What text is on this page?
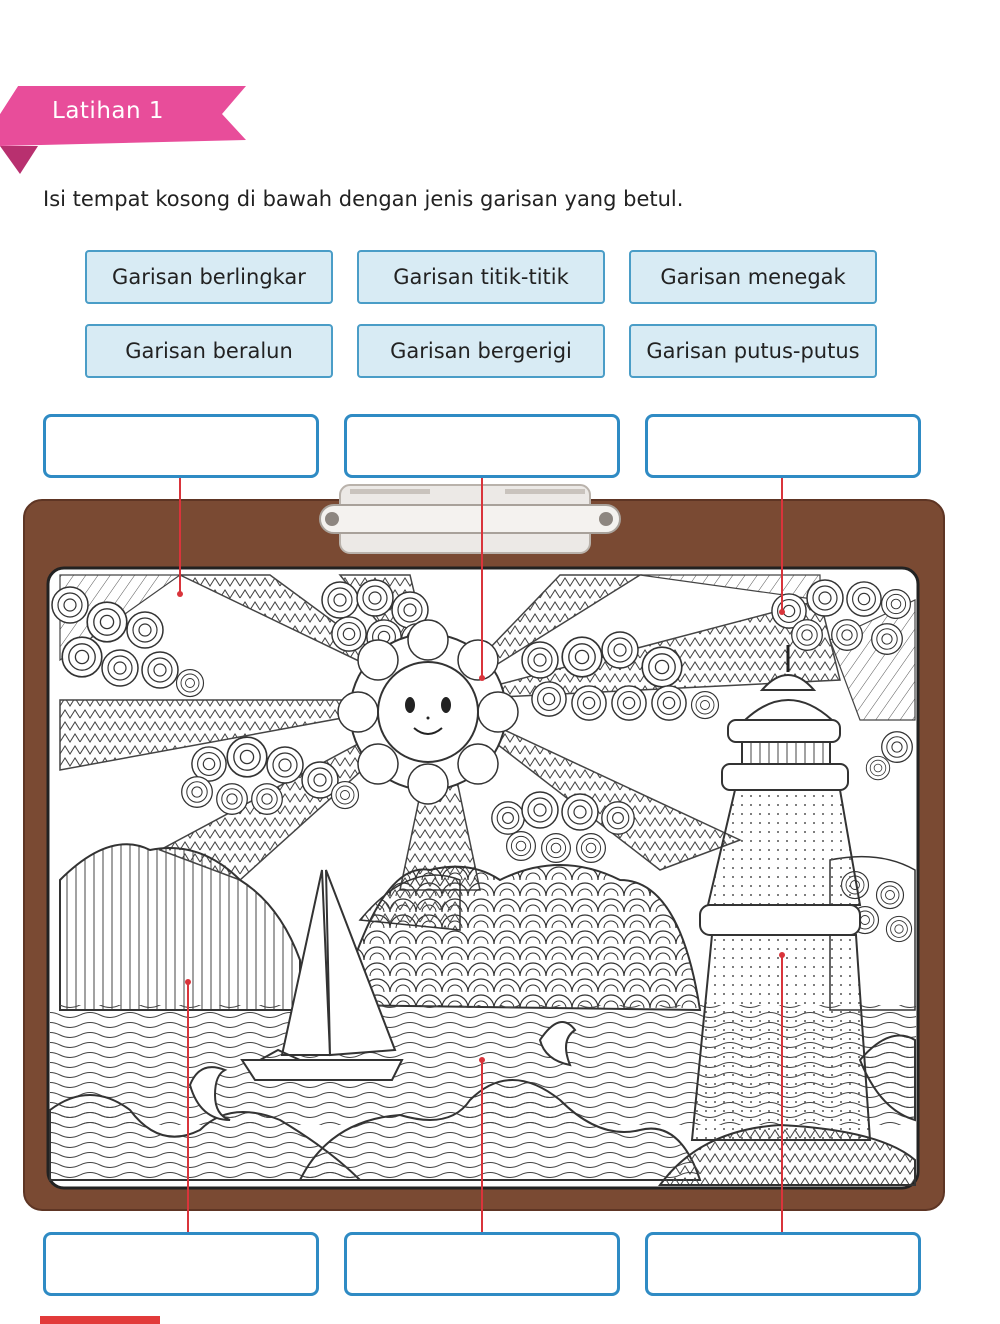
Latihan 1
Isi tempat kosong di bawah dengan jenis garisan yang betul.
Garisan berlingkar	Garisan titik-titik	Garisan menegak
Garisan beralun	Garisan bergerigi	Garisan putus-putus
